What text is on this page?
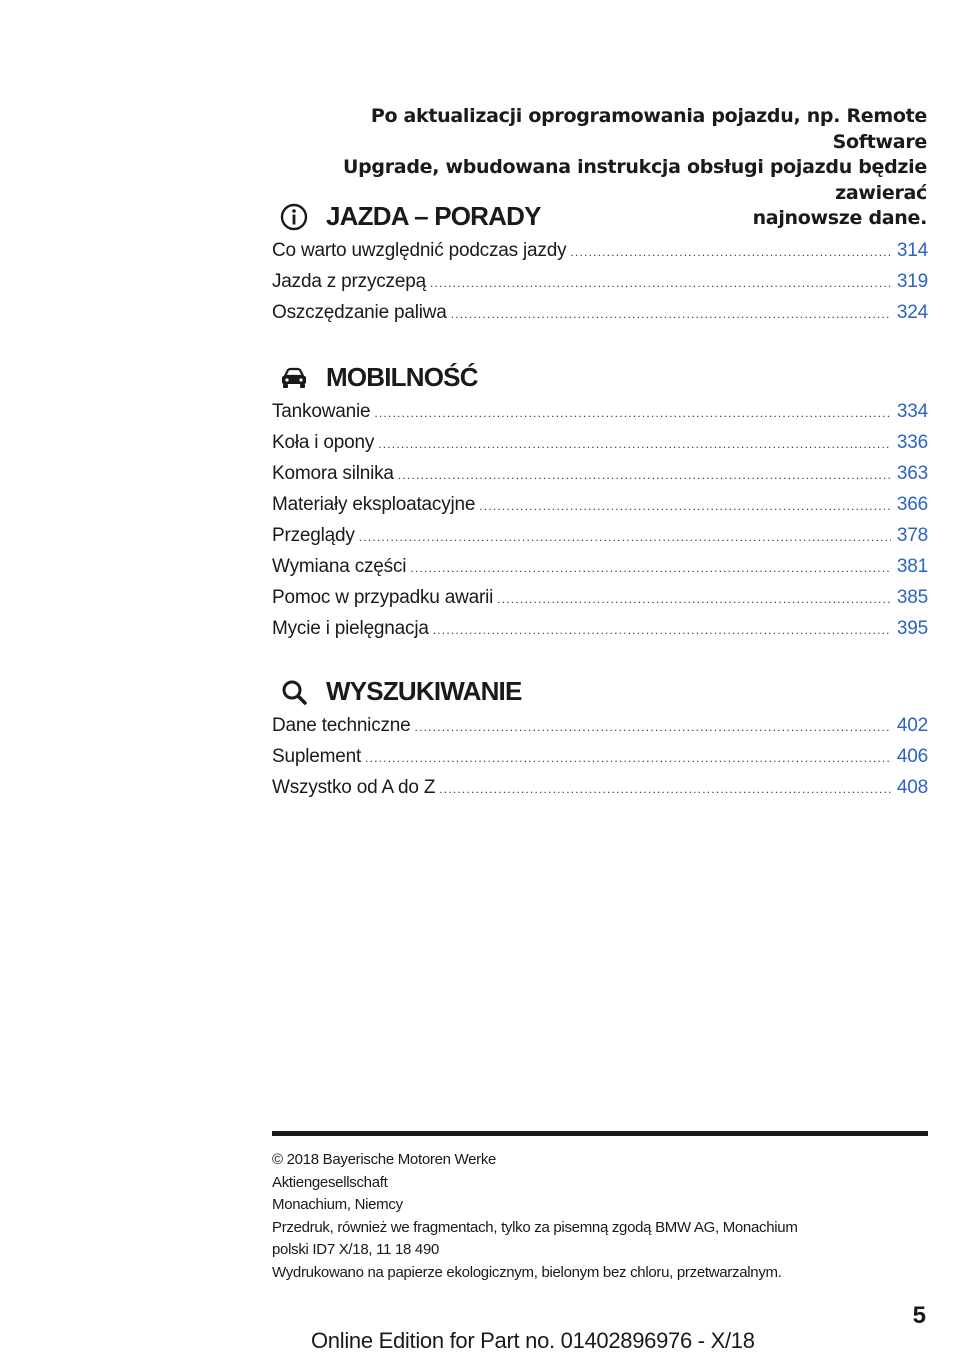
Po aktualizacji oprogramowania pojazdu, np. Remote Software
Upgrade, wbudowana instrukcja obsługi pojazdu będzie zawierać
najnowsze dane.
JAZDA – PORADY
Co warto uwzględnić podczas jazdy .....	314
Jazda z przyczepą .....	319
Oszczędzanie paliwa .....	324
MOBILNOŚĆ
Tankowanie .....	334
Koła i opony .....	336
Komora silnika .....	363
Materiały eksploatacyjne .....	366
Przeglądy .....	378
Wymiana części .....	381
Pomoc w przypadku awarii .....	385
Mycie i pielęgnacja .....	395
WYSZUKIWANIE
Dane techniczne .....	402
Suplement .....	406
Wszystko od A do Z .....	408
© 2018 Bayerische Motoren Werke
Aktiengesellschaft
Monachium, Niemcy
Przedruk, również we fragmentach, tylko za pisemną zgodą BMW AG, Monachium
polski ID7 X/18, 11 18 490
Wydrukowano na papierze ekologicznym, bielonym bez chloru, przetwarzalnym.
5
Online Edition for Part no. 01402896976 - X/18
